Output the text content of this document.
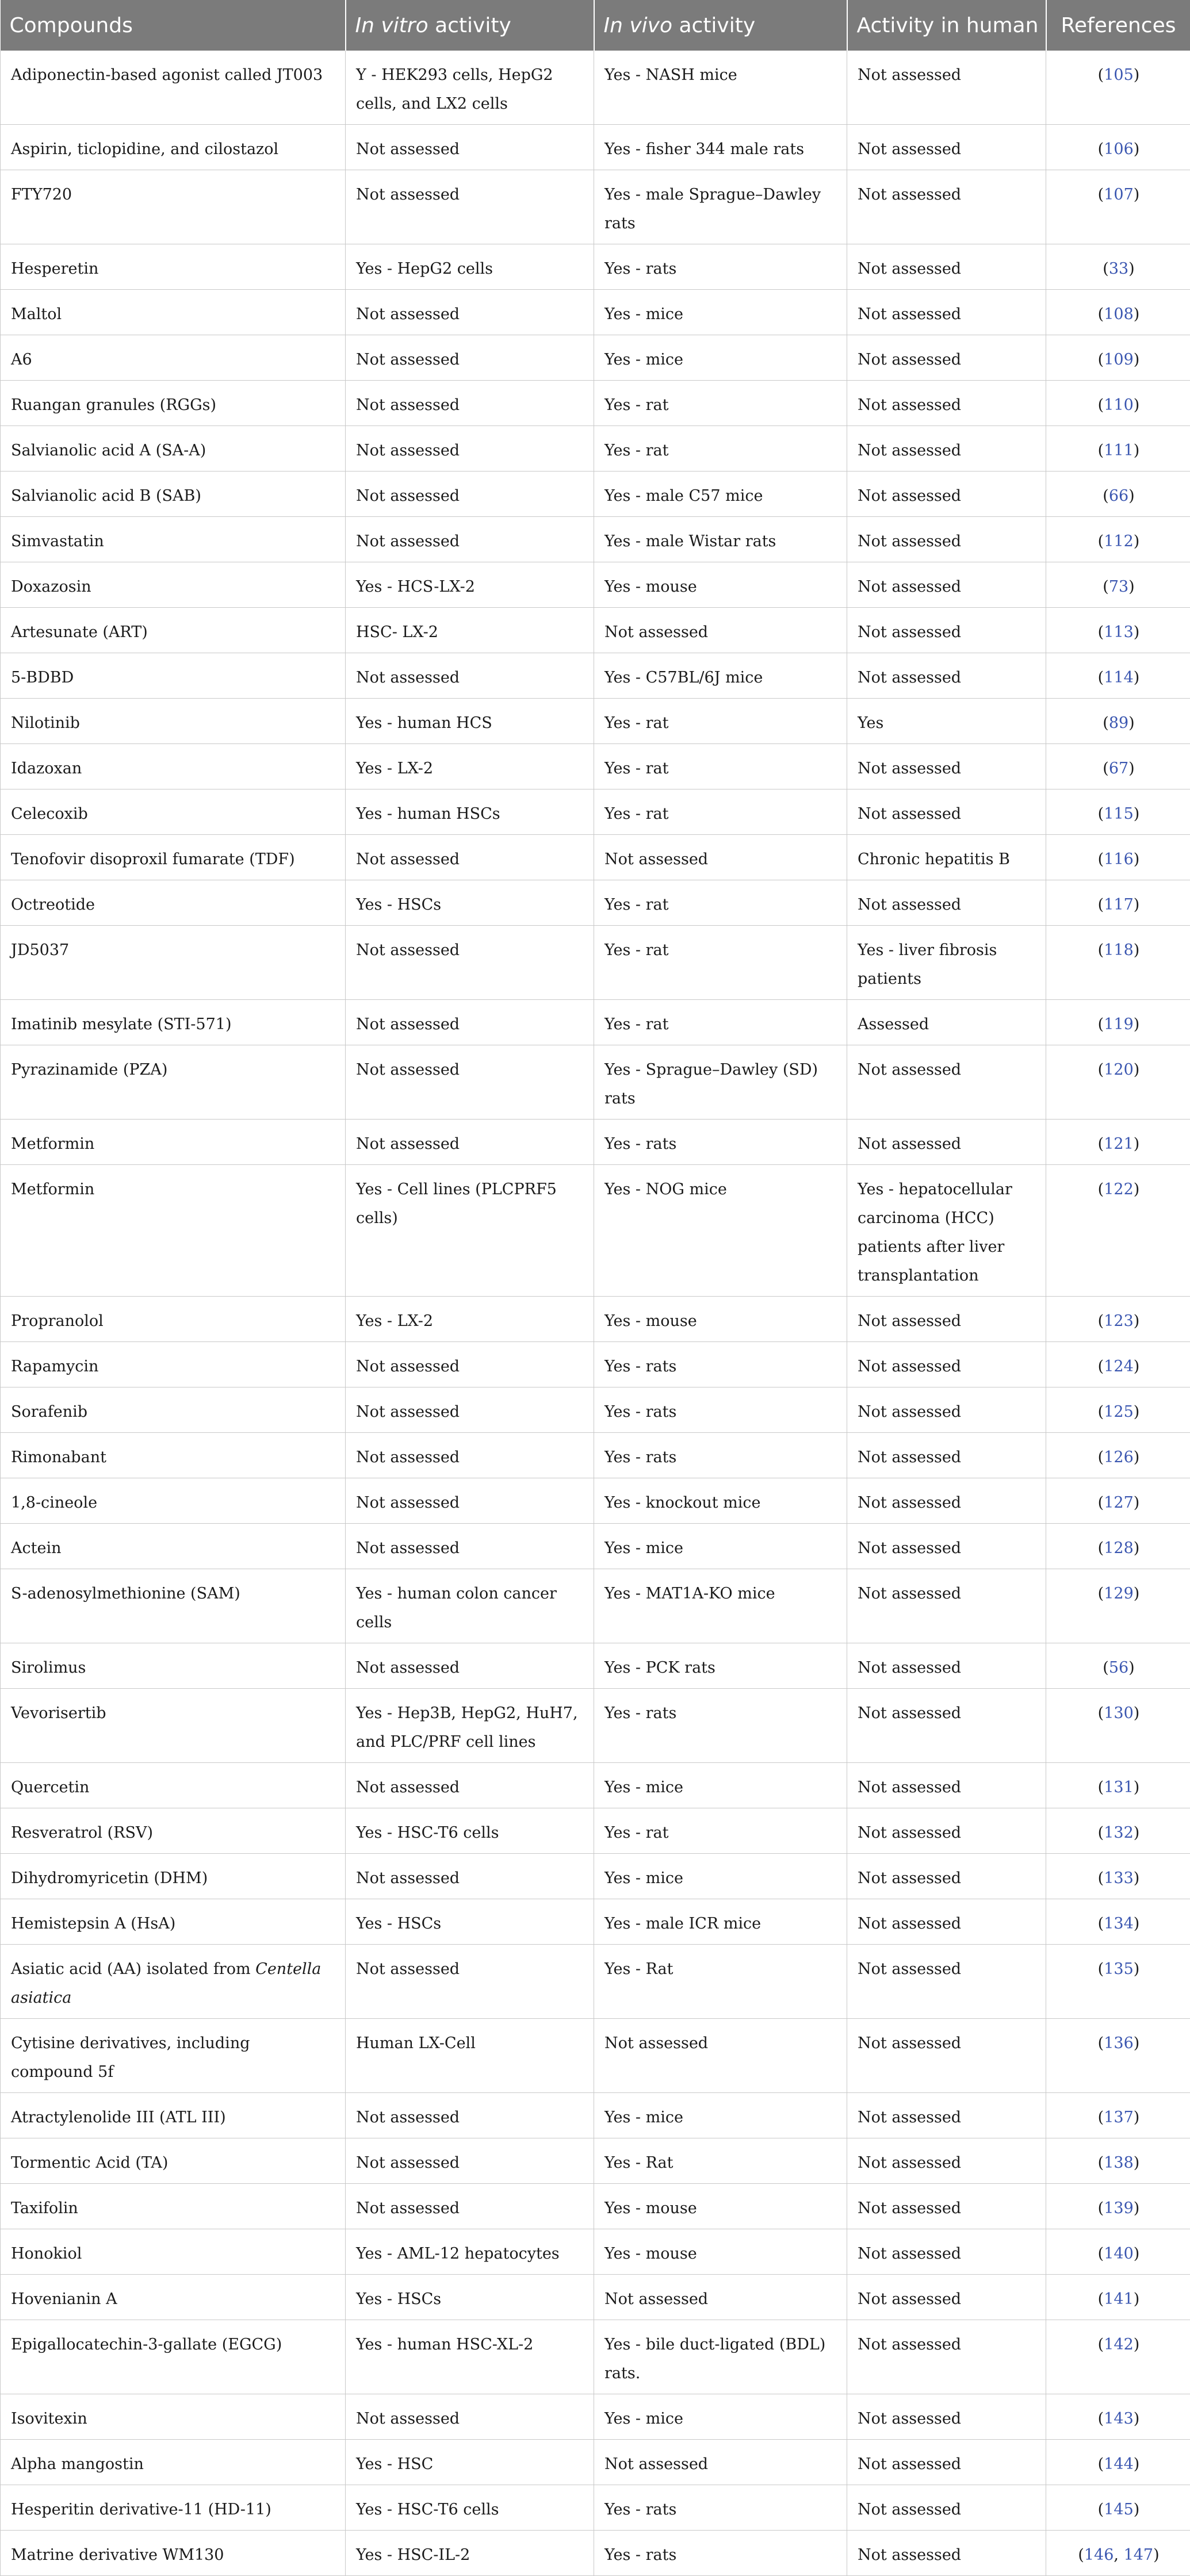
Compounds	In vitro activity	In vivo activity	Activity in human	References
Adiponectin-based agonist called JT003	Y - HEK293 cells, HepG2 cells, and LX2 cells	Yes - NASH mice	Not assessed	(105)
Aspirin, ticlopidine, and cilostazol	Not assessed	Yes - fisher 344 male rats	Not assessed	(106)
FTY720	Not assessed	Yes - male Sprague–Dawley rats	Not assessed	(107)
Hesperetin	Yes - HepG2 cells	Yes - rats	Not assessed	(33)
Maltol	Not assessed	Yes - mice	Not assessed	(108)
A6	Not assessed	Yes - mice	Not assessed	(109)
Ruangan granules (RGGs)	Not assessed	Yes - rat	Not assessed	(110)
Salvianolic acid A (SA-A)	Not assessed	Yes - rat	Not assessed	(111)
Salvianolic acid B (SAB)	Not assessed	Yes - male C57 mice	Not assessed	(66)
Simvastatin	Not assessed	Yes - male Wistar rats	Not assessed	(112)
Doxazosin	Yes - HCS-LX-2	Yes - mouse	Not assessed	(73)
Artesunate (ART)	HSC- LX-2	Not assessed	Not assessed	(113)
5-BDBD	Not assessed	Yes - C57BL/6J mice	Not assessed	(114)
Nilotinib	Yes - human HCS	Yes - rat	Yes	(89)
Idazoxan	Yes - LX-2	Yes - rat	Not assessed	(67)
Celecoxib	Yes - human HSCs	Yes - rat	Not assessed	(115)
Tenofovir disoproxil fumarate (TDF)	Not assessed	Not assessed	Chronic hepatitis B	(116)
Octreotide	Yes - HSCs	Yes - rat	Not assessed	(117)
JD5037	Not assessed	Yes - rat	Yes - liver fibrosis patients	(118)
Imatinib mesylate (STI-571)	Not assessed	Yes - rat	Assessed	(119)
Pyrazinamide (PZA)	Not assessed	Yes - Sprague–Dawley (SD) rats	Not assessed	(120)
Metformin	Not assessed	Yes - rats	Not assessed	(121)
Metformin	Yes - Cell lines (PLCPRF5 cells)	Yes - NOG mice	Yes - hepatocellular carcinoma (HCC) patients after liver transplantation	(122)
Propranolol	Yes - LX-2	Yes - mouse	Not assessed	(123)
Rapamycin	Not assessed	Yes - rats	Not assessed	(124)
Sorafenib	Not assessed	Yes - rats	Not assessed	(125)
Rimonabant	Not assessed	Yes - rats	Not assessed	(126)
1,8-cineole	Not assessed	Yes - knockout mice	Not assessed	(127)
Actein	Not assessed	Yes - mice	Not assessed	(128)
S-adenosylmethionine (SAM)	Yes - human colon cancer cells	Yes - MAT1A-KO mice	Not assessed	(129)
Sirolimus	Not assessed	Yes - PCK rats	Not assessed	(56)
Vevorisertib	Yes - Hep3B, HepG2, HuH7, and PLC/PRF cell lines	Yes - rats	Not assessed	(130)
Quercetin	Not assessed	Yes - mice	Not assessed	(131)
Resveratrol (RSV)	Yes - HSC-T6 cells	Yes - rat	Not assessed	(132)
Dihydromyricetin (DHM)	Not assessed	Yes - mice	Not assessed	(133)
Hemistepsin A (HsA)	Yes - HSCs	Yes - male ICR mice	Not assessed	(134)
Asiatic acid (AA) isolated from Centella asiatica	Not assessed	Yes - Rat	Not assessed	(135)
Cytisine derivatives, including compound 5f	Human LX-Cell	Not assessed	Not assessed	(136)
Atractylenolide III (ATL III)	Not assessed	Yes - mice	Not assessed	(137)
Tormentic Acid (TA)	Not assessed	Yes - Rat	Not assessed	(138)
Taxifolin	Not assessed	Yes - mouse	Not assessed	(139)
Honokiol	Yes - AML-12 hepatocytes	Yes - mouse	Not assessed	(140)
Hovenianin A	Yes - HSCs	Not assessed	Not assessed	(141)
Epigallocatechin-3-gallate (EGCG)	Yes - human HSC-XL-2	Yes - bile duct-ligated (BDL) rats.	Not assessed	(142)
Isovitexin	Not assessed	Yes - mice	Not assessed	(143)
Alpha mangostin	Yes - HSC	Not assessed	Not assessed	(144)
Hesperitin derivative-11 (HD-11)	Yes - HSC-T6 cells	Yes - rats	Not assessed	(145)
Matrine derivative WM130	Yes - HSC-IL-2	Yes - rats	Not assessed	(146, 147)
